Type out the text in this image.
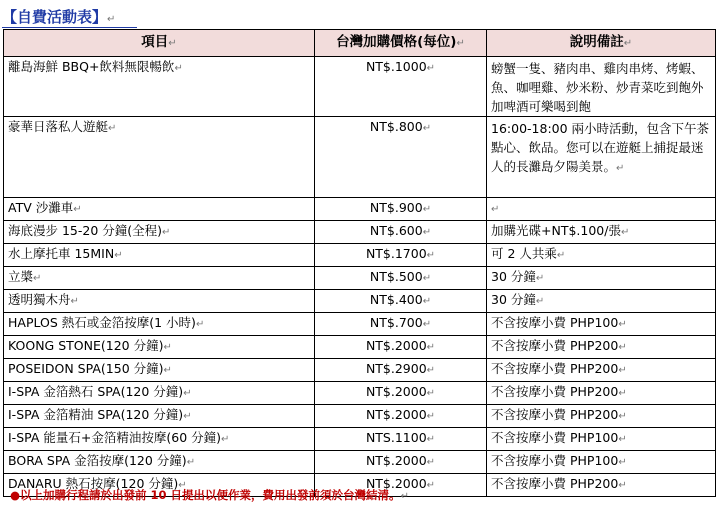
【自費活動表】↵
項目↵	台灣加購價格(每位)↵	說明備註↵
離島海鮮 BBQ+飲料無限暢飲↵	NT$.1000↵	螃蟹一隻、豬肉串、雞肉串烤、烤蝦、魚、咖哩雞、炒米粉、炒青菜吃到飽外加啤酒可樂喝到飽
豪華日落私人遊艇↵	NT$.800↵	16:00-18:00 兩小時活動，包含下午茶點心、飲品。您可以在遊艇上捕捉最迷人的長灘島夕陽美景。↵
ATV 沙灘車↵	NT$.900↵	↵
海底漫步 15-20 分鐘(全程)↵	NT$.600↵	加購光碟+NT$.100/張↵
水上摩托車 15MIN↵	NT$.1700↵	可 2 人共乘↵
立槳↵	NT$.500↵	30 分鐘↵
透明獨木舟↵	NT$.400↵	30 分鐘↵
HAPLOS 熱石或金箔按摩(1 小時)↵	NT$.700↵	不含按摩小費 PHP100↵
KOONG STONE(120 分鐘)↵	NT$.2000↵	不含按摩小費 PHP200↵
POSEIDON SPA(150 分鐘)↵	NT$.2900↵	不含按摩小費 PHP200↵
I-SPA 金箔熱石 SPA(120 分鐘)↵	NT$.2000↵	不含按摩小費 PHP200↵
I-SPA 金箔精油 SPA(120 分鐘)↵	NT$.2000↵	不含按摩小費 PHP200↵
I-SPA 能量石+金箔精油按摩(60 分鐘)↵	NTS.1100↵	不含按摩小費 PHP100↵
BORA SPA 金箔按摩(120 分鐘)↵	NT$.2000↵	不含按摩小費 PHP100↵
DANARU 熱石按摩(120 分鐘)↵	NT$.2000↵	不含按摩小費 PHP200↵
●以上加購行程請於出發前 10 日提出以便作業，費用出發前須於台灣結清。↵
